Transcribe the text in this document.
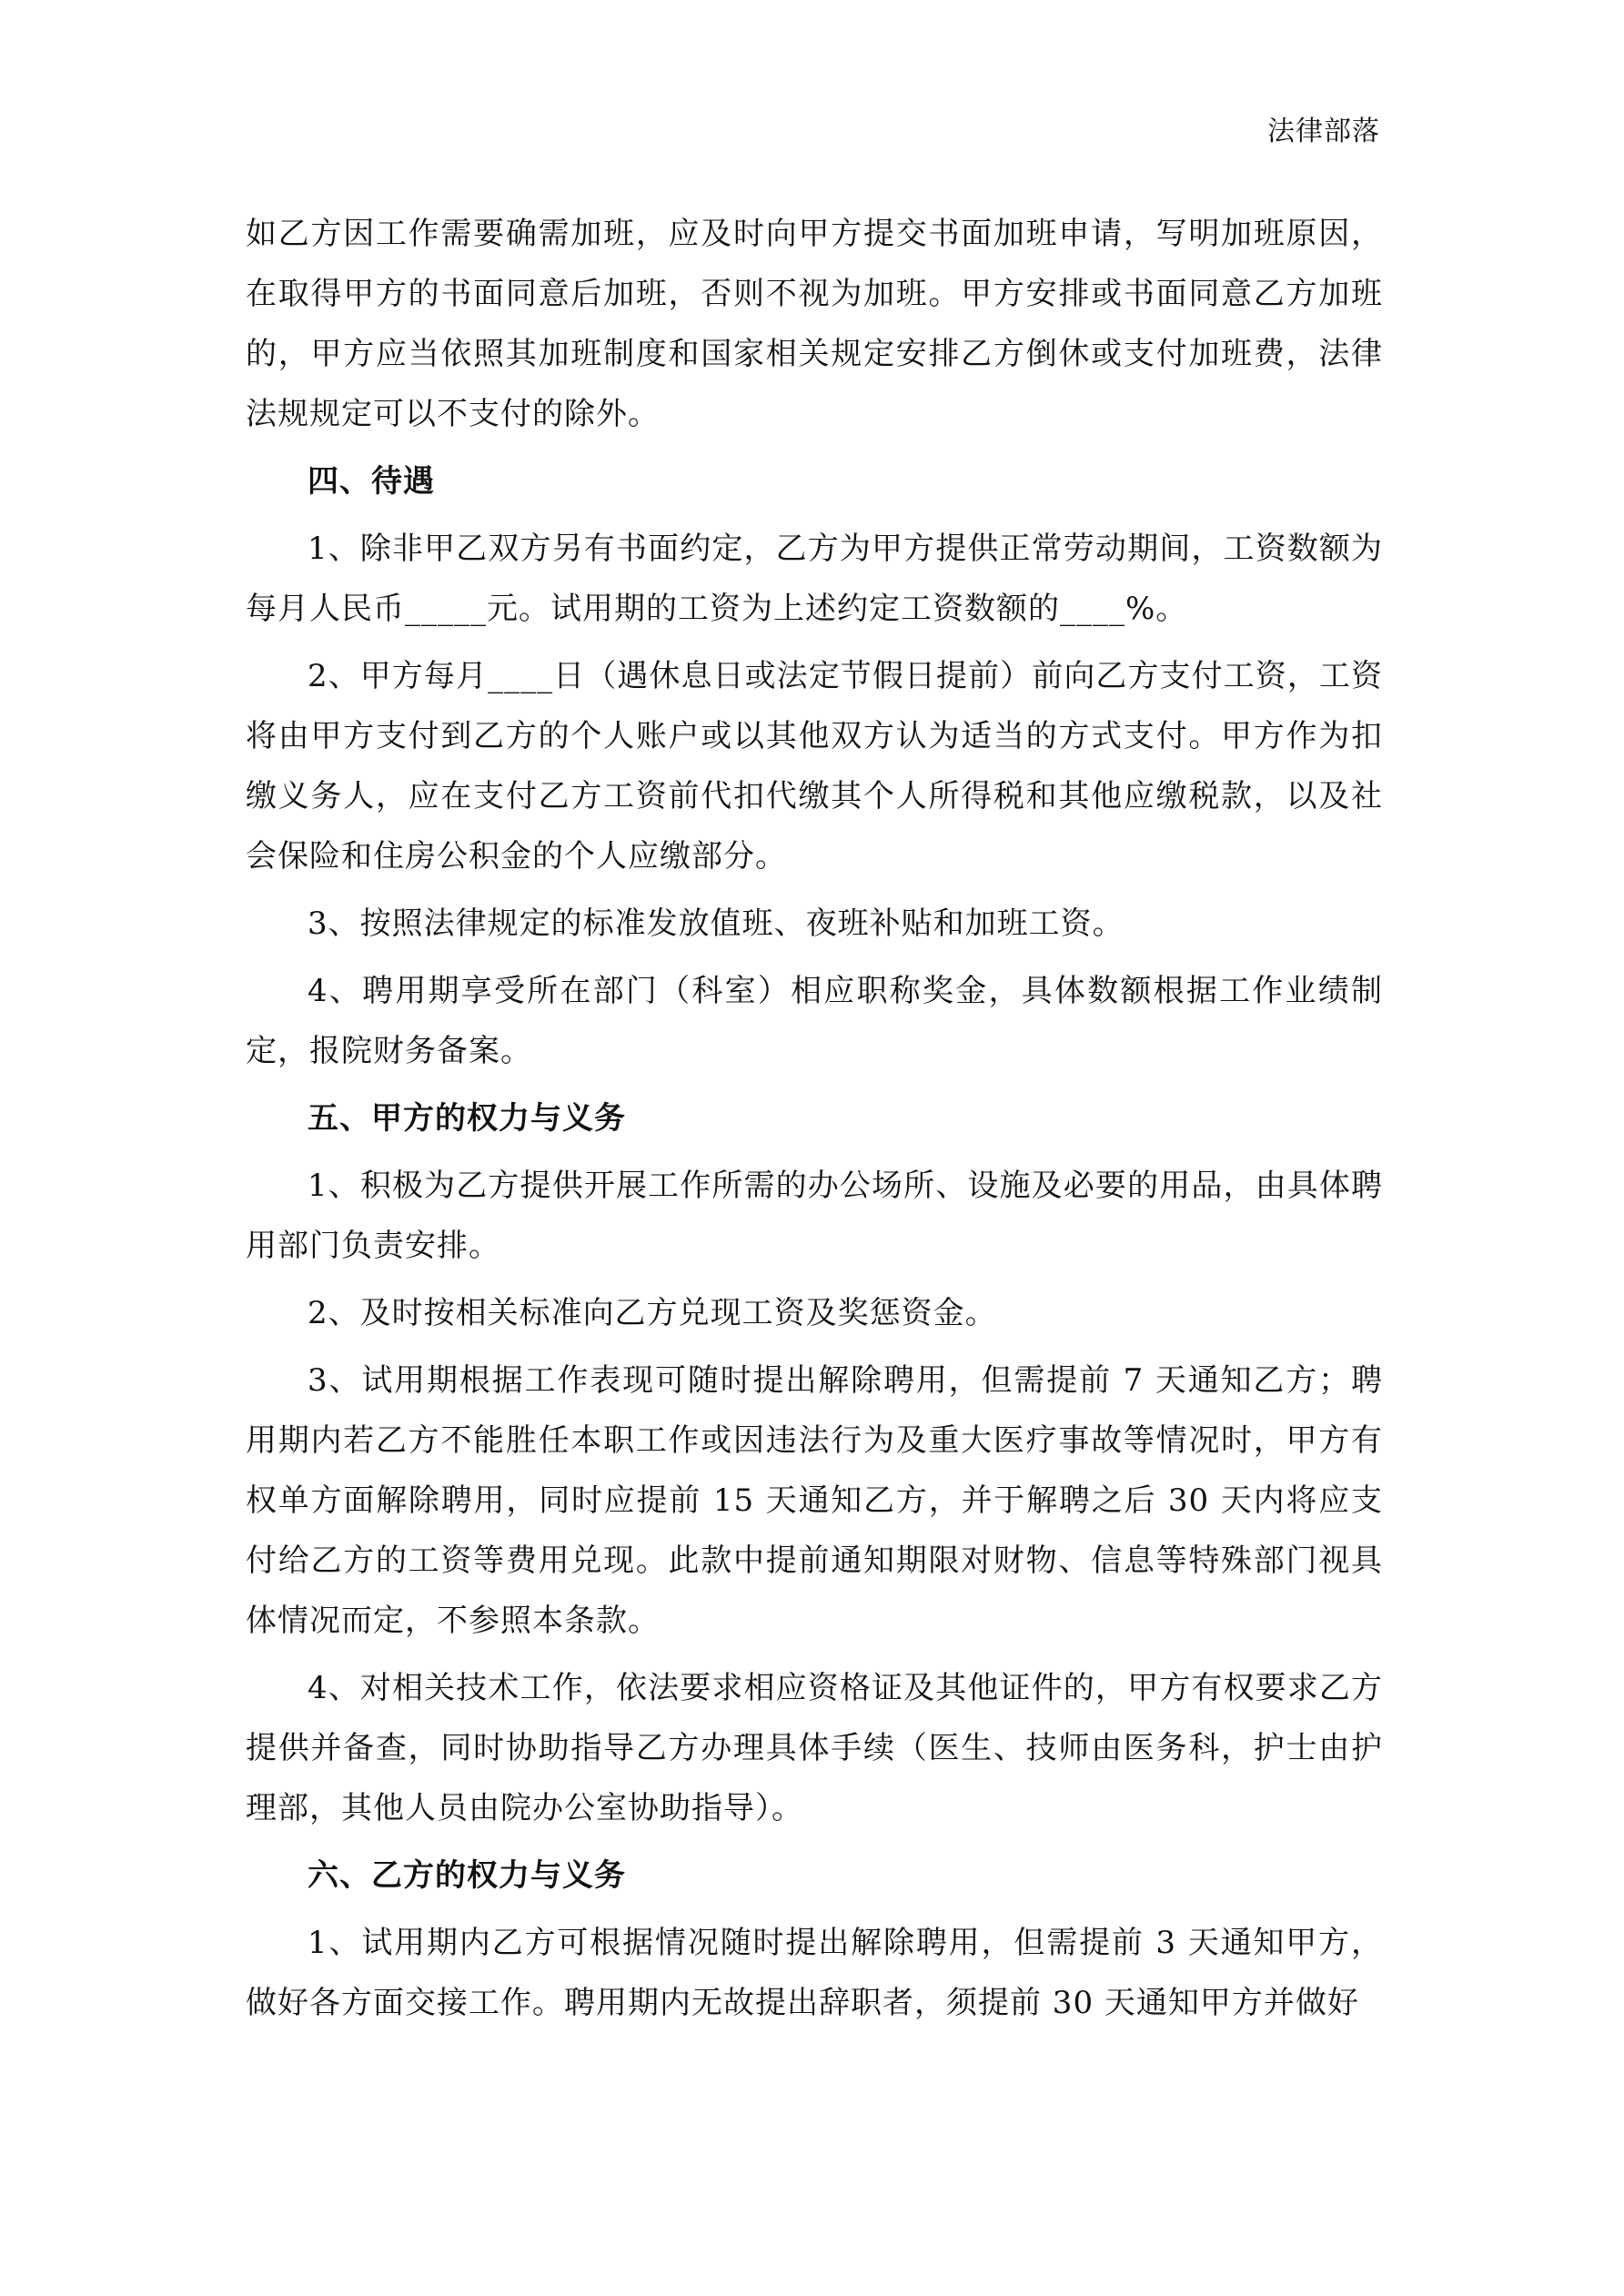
法律部落

如乙方因工作需要确需加班，应及时向甲方提交书面加班申请，写明加班原因，在取得甲方的书面同意后加班，否则不视为加班。甲方安排或书面同意乙方加班的，甲方应当依照其加班制度和国家相关规定安排乙方倒休或支付加班费，法律法规规定可以不支付的除外。

四、待遇

1、除非甲乙双方另有书面约定，乙方为甲方提供正常劳动期间，工资数额为每月人民币_____元。试用期的工资为上述约定工资数额的____%。

2、甲方每月____日（遇休息日或法定节假日提前）前向乙方支付工资，工资将由甲方支付到乙方的个人账户或以其他双方认为适当的方式支付。甲方作为扣缴义务人，应在支付乙方工资前代扣代缴其个人所得税和其他应缴税款，以及社会保险和住房公积金的个人应缴部分。

3、按照法律规定的标准发放值班、夜班补贴和加班工资。

4、聘用期享受所在部门（科室）相应职称奖金，具体数额根据工作业绩制定，报院财务备案。

五、甲方的权力与义务

1、积极为乙方提供开展工作所需的办公场所、设施及必要的用品，由具体聘用部门负责安排。

2、及时按相关标准向乙方兑现工资及奖惩资金。

3、试用期根据工作表现可随时提出解除聘用，但需提前 7 天通知乙方；聘用期内若乙方不能胜任本职工作或因违法行为及重大医疗事故等情况时，甲方有权单方面解除聘用，同时应提前 15 天通知乙方，并于解聘之后 30 天内将应支付给乙方的工资等费用兑现。此款中提前通知期限对财物、信息等特殊部门视具体情况而定，不参照本条款。

4、对相关技术工作，依法要求相应资格证及其他证件的，甲方有权要求乙方提供并备查，同时协助指导乙方办理具体手续（医生、技师由医务科，护士由护理部，其他人员由院办公室协助指导）。

六、乙方的权力与义务

1、试用期内乙方可根据情况随时提出解除聘用，但需提前 3 天通知甲方，做好各方面交接工作。聘用期内无故提出辞职者，须提前 30 天通知甲方并做好
